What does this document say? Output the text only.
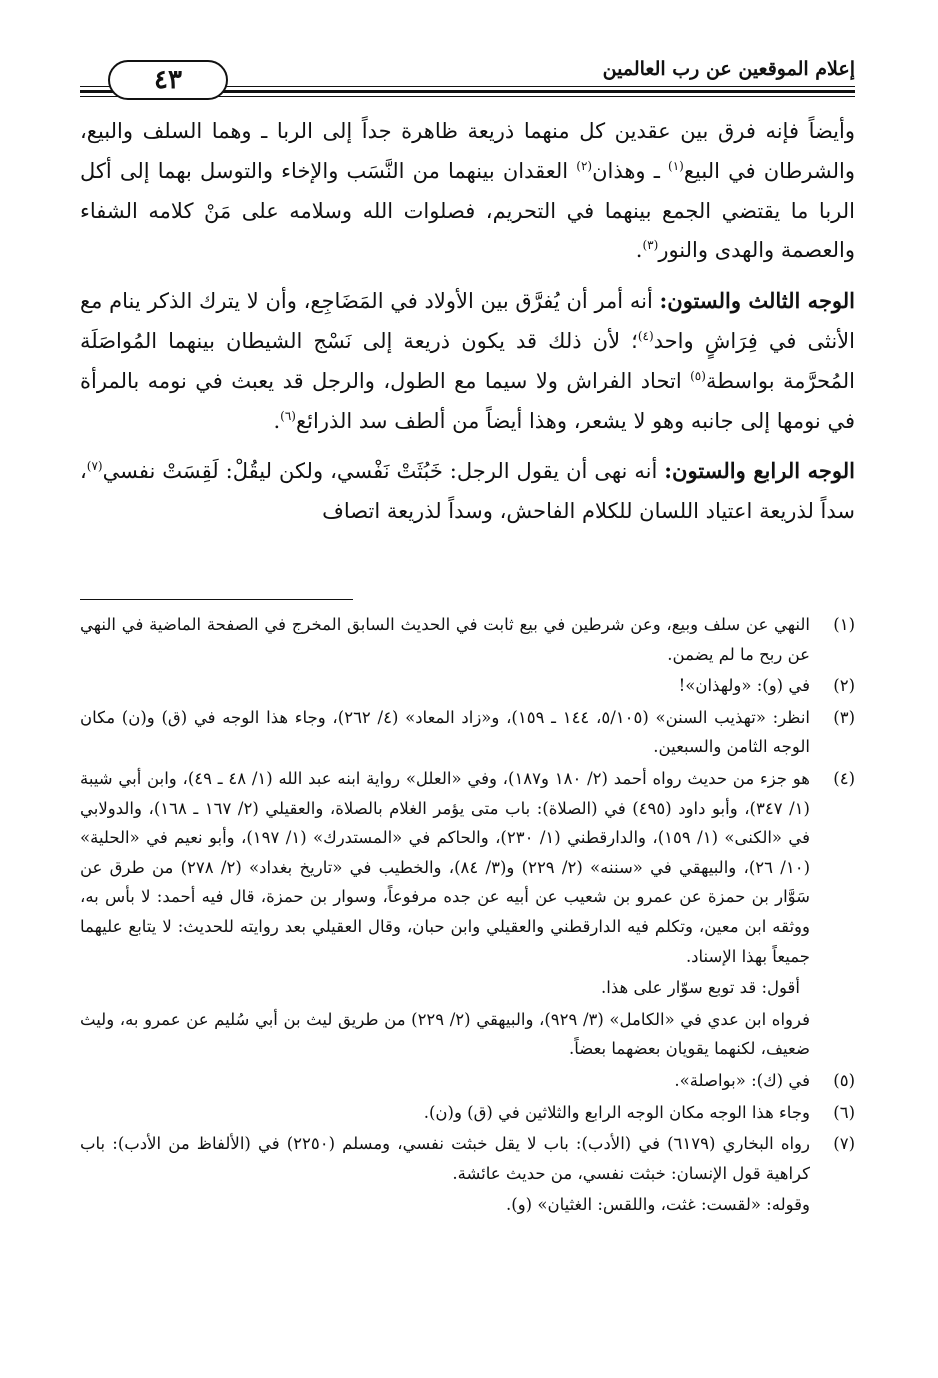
إعلام الموقعين عن رب العالمين
٤٣

وأيضاً فإنه فرق بين عقدين كل منهما ذريعة ظاهرة جداً إلى الربا ـ وهما السلف والبيع، والشرطان في البيع$^{(١)}$ ـ وهذان$^{(٢)}$ العقدان بينهما من النَّسَب والإخاء والتوسل بهما إلى أكل الربا ما يقتضي الجمع بينهما في التحريم، فصلوات الله وسلامه على مَنْ كلامه الشفاء والعصمة والهدى والنور$^{(٣)}$.

الوجه الثالث والستون: أنه أمر أن يُفرَّق بين الأولاد في المَضَاجِع، وأن لا يترك الذكر ينام مع الأنثى في فِرَاشٍ واحد$^{(٤)}$؛ لأن ذلك قد يكون ذريعة إلى نَسْج الشيطان بينهما المُواصَلَة المُحرَّمة بواسطة$^{(٥)}$ اتحاد الفراش ولا سيما مع الطول، والرجل قد يعبث في نومه بالمرأة في نومها إلى جانبه وهو لا يشعر، وهذا أيضاً من ألطف سد الذرائع$^{(٦)}$.

الوجه الرابع والستون: أنه نهى أن يقول الرجل: خَبُثَتْ نَفْسي، ولكن ليقُلْ: لَقِسَتْ نفسي$^{(٧)}$، سداً لذريعة اعتياد اللسان للكلام الفاحش، وسداً لذريعة اتصاف

(١)
النهي عن سلف وبيع، وعن شرطين في بيع ثابت في الحديث السابق المخرج في الصفحة الماضية في النهي عن ربح ما لم يضمن.
(٢)
في (و): «ولهذان»!
(٣)
انظر: «تهذيب السنن» (٥/١٠٥، ١٤٤ ـ ١٥٩)، و«زاد المعاد» (٤/ ٢٦٢)، وجاء هذا الوجه في (ق) و(ن) مكان الوجه الثامن والسبعين.
(٤)
هو جزء من حديث رواه أحمد (٢/ ١٨٠ و١٨٧)، وفي «العلل» رواية ابنه عبد الله (١/ ٤٨ ـ ٤٩)، وابن أبي شيبة (١/ ٣٤٧)، وأبو داود (٤٩٥) في (الصلاة): باب متى يؤمر الغلام بالصلاة، والعقيلي (٢/ ١٦٧ ـ ١٦٨)، والدولابي في «الكنى» (١/ ١٥٩)، والدارقطني (١/ ٢٣٠)، والحاكم في «المستدرك» (١/ ١٩٧)، وأبو نعيم في «الحلية» (١٠/ ٢٦)، والبيهقي في «سننه» (٢/ ٢٢٩) و(٣/ ٨٤)، والخطيب في «تاريخ بغداد» (٢/ ٢٧٨) من طرق عن سَوَّار بن حمزة عن عمرو بن شعيب عن أبيه عن جده مرفوعاً، وسوار بن حمزة، قال فيه أحمد: لا بأس به، ووثقه ابن معين، وتكلم فيه الدارقطني والعقيلي وابن حبان، وقال العقيلي بعد روايته للحديث: لا يتابع عليهما جميعاً بهذا الإسناد.
أقول: قد توبع سوّار على هذا.
فرواه ابن عدي في «الكامل» (٣/ ٩٢٩)، والبيهقي (٢/ ٢٢٩) من طريق ليث بن أبي سُليم عن عمرو به، وليث ضعيف، لكنهما يقويان بعضهما بعضاً.
(٥)
في (ك): «بواصلة».
(٦)
وجاء هذا الوجه مكان الوجه الرابع والثلاثين في (ق) و(ن).
(٧)
رواه البخاري (٦١٧٩) في (الأدب): باب لا يقل خبثت نفسي، ومسلم (٢٢٥٠) في (الألفاظ من الأدب): باب كراهية قول الإنسان: خبثت نفسي، من حديث عائشة.
وقوله: «لقست: غثت، واللقس: الغثيان» (و).
